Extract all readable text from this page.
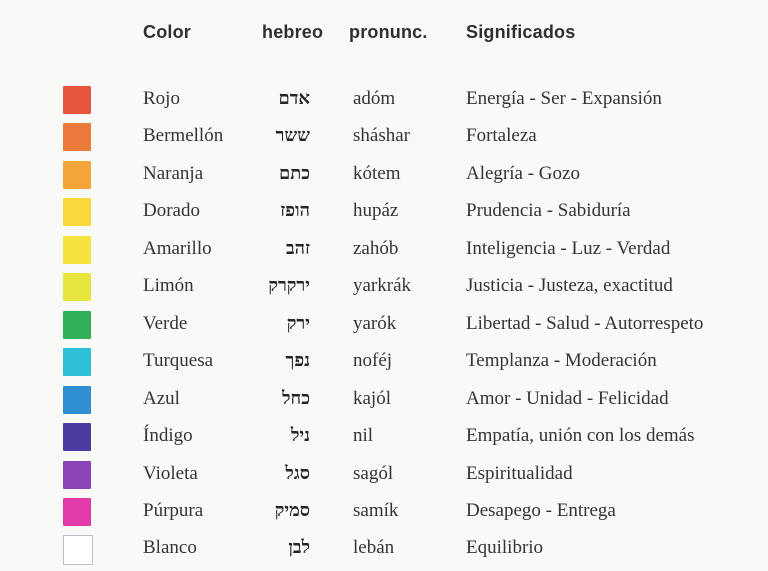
Color	hebreo pronunc. Significados
Rojo	אדם adóm	Energía - Ser - Expansión
Bermellón	ששר sháshar	Fortaleza
Naranja	כתם kótem	Alegría - Gozo
Dorado	הופז hupáz	Prudencia - Sabiduría
Amarillo	זהב zahób	Inteligencia - Luz - Verdad
Limón	ירקרק yarkrák	Justicia - Justeza, exactitud
Verde	ירק yarók	Libertad - Salud - Autorrespeto
Turquesa	נפך noféj	Templanza - Moderación
Azul	כחל kajól	Amor - Unidad - Felicidad
Índigo	ניל nil	Empatía, unión con los demás
Violeta	סגל sagól	Espiritualidad
Púrpura	סמיק samík	Desapego - Entrega
Blanco	לבן lebán	Equilibrio
